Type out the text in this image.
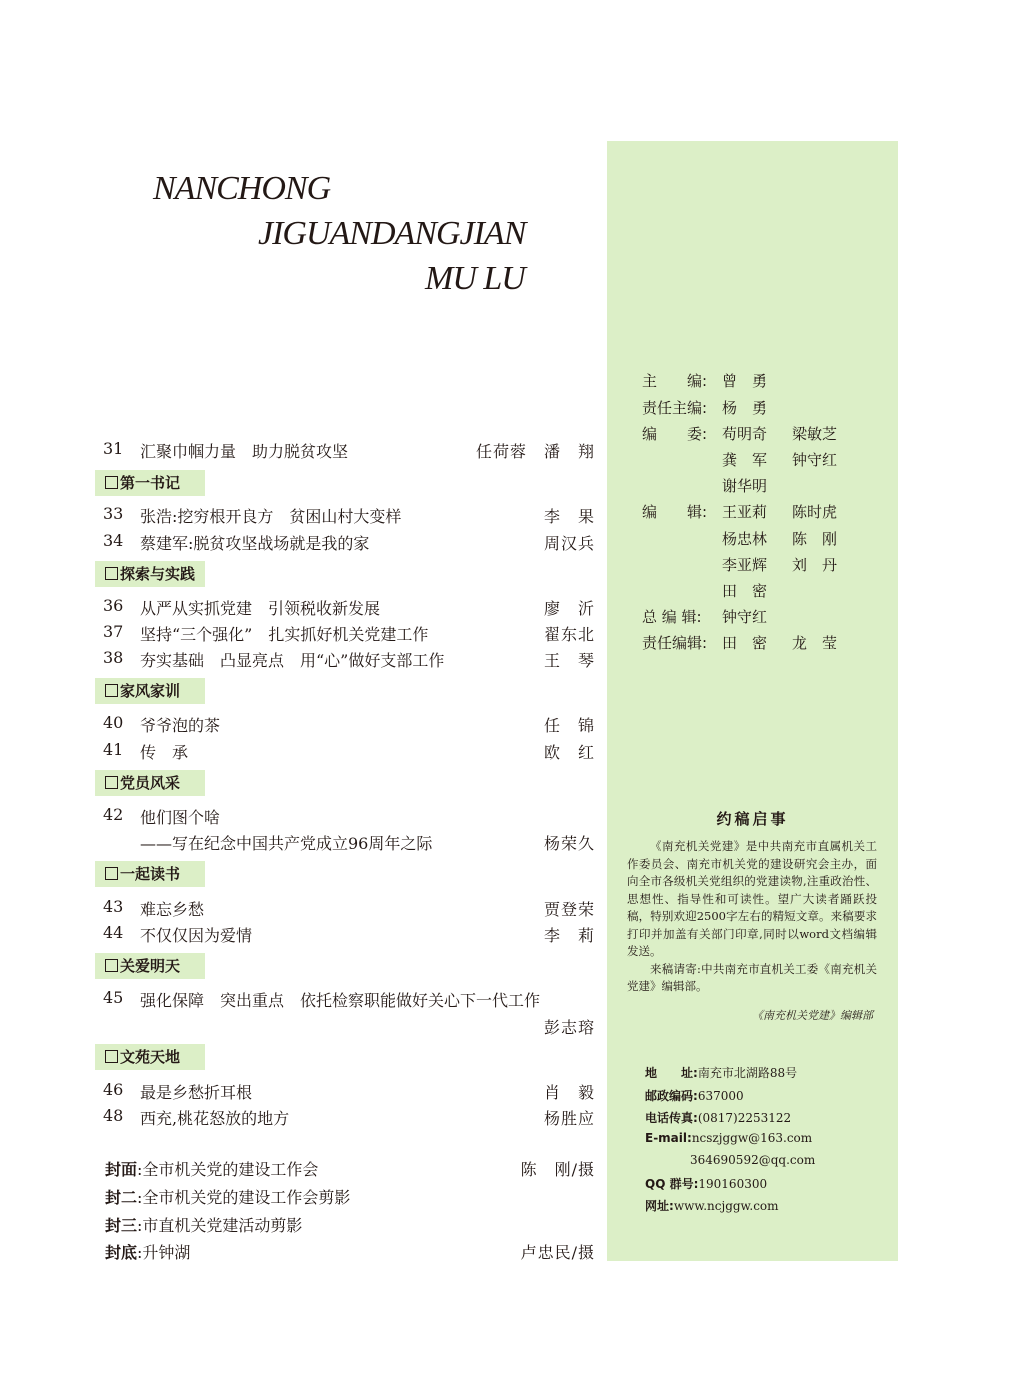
NANCHONG
JIGUANDANGJIAN
MU LU
主　　编: 曾　勇
责任主编: 杨　勇
编　　委: 苟明奇 梁敏芝
龚　军 钟守红
谢华明
编　　辑: 王亚莉 陈时虎
杨忠林 陈　刚
李亚辉 刘　丹
田　密
总 编 辑: 钟守红
责任编辑: 田　密 龙　莹
约稿启事

《南充机关党建》是中共南充市直属机关工作委员会、南充市机关党的建设研究会主办，面向全市各级机关党组织的党建读物,注重政治性、思想性、指导性和可读性。望广大读者踊跃投稿，特别欢迎2500字左右的精短文章。来稿要求打印并加盖有关部门印章,同时以word文档编辑发送。

来稿请寄:中共南充市直机关工委《南充机关党建》编辑部。

《南充机关党建》编辑部
地　　址:南充市北湖路88号
邮政编码:637000
电话传真:(0817)2253122
E-mail:ncszjggw@163.com
364690592@qq.com
QQ 群号:190160300
网址:www.ncjggw.com
31	汇聚巾帼力量　助力脱贫攻坚	任荷蓉　潘　翔
第一书记
33	张浩:挖穷根开良方　贫困山村大变样	李　果
34	蔡建军:脱贫攻坚战场就是我的家	周汉兵
探索与实践
36	从严从实抓党建　引领税收新发展	廖　沂
37	坚持“三个强化”　扎实抓好机关党建工作	翟东北
38	夯实基础　凸显亮点　用“心”做好支部工作	王　琴
家风家训
40	爷爷泡的茶	任　锦
41	传　承	欧　红
党员风采
42	他们图个啥
——写在纪念中国共产党成立96周年之际	杨荣久
一起读书
43	难忘乡愁	贾登荣
44	不仅仅因为爱情	李　莉
关爱明天
45	强化保障　突出重点　依托检察职能做好关心下一代工作
彭志瑢
文苑天地
46	最是乡愁折耳根	肖　毅
48	西充,桃花怒放的地方	杨胜应
封面:全市机关党的建设工作会	陈　刚/摄
封二:全市机关党的建设工作会剪影
封三:市直机关党建活动剪影
封底:升钟湖	卢忠民/摄
